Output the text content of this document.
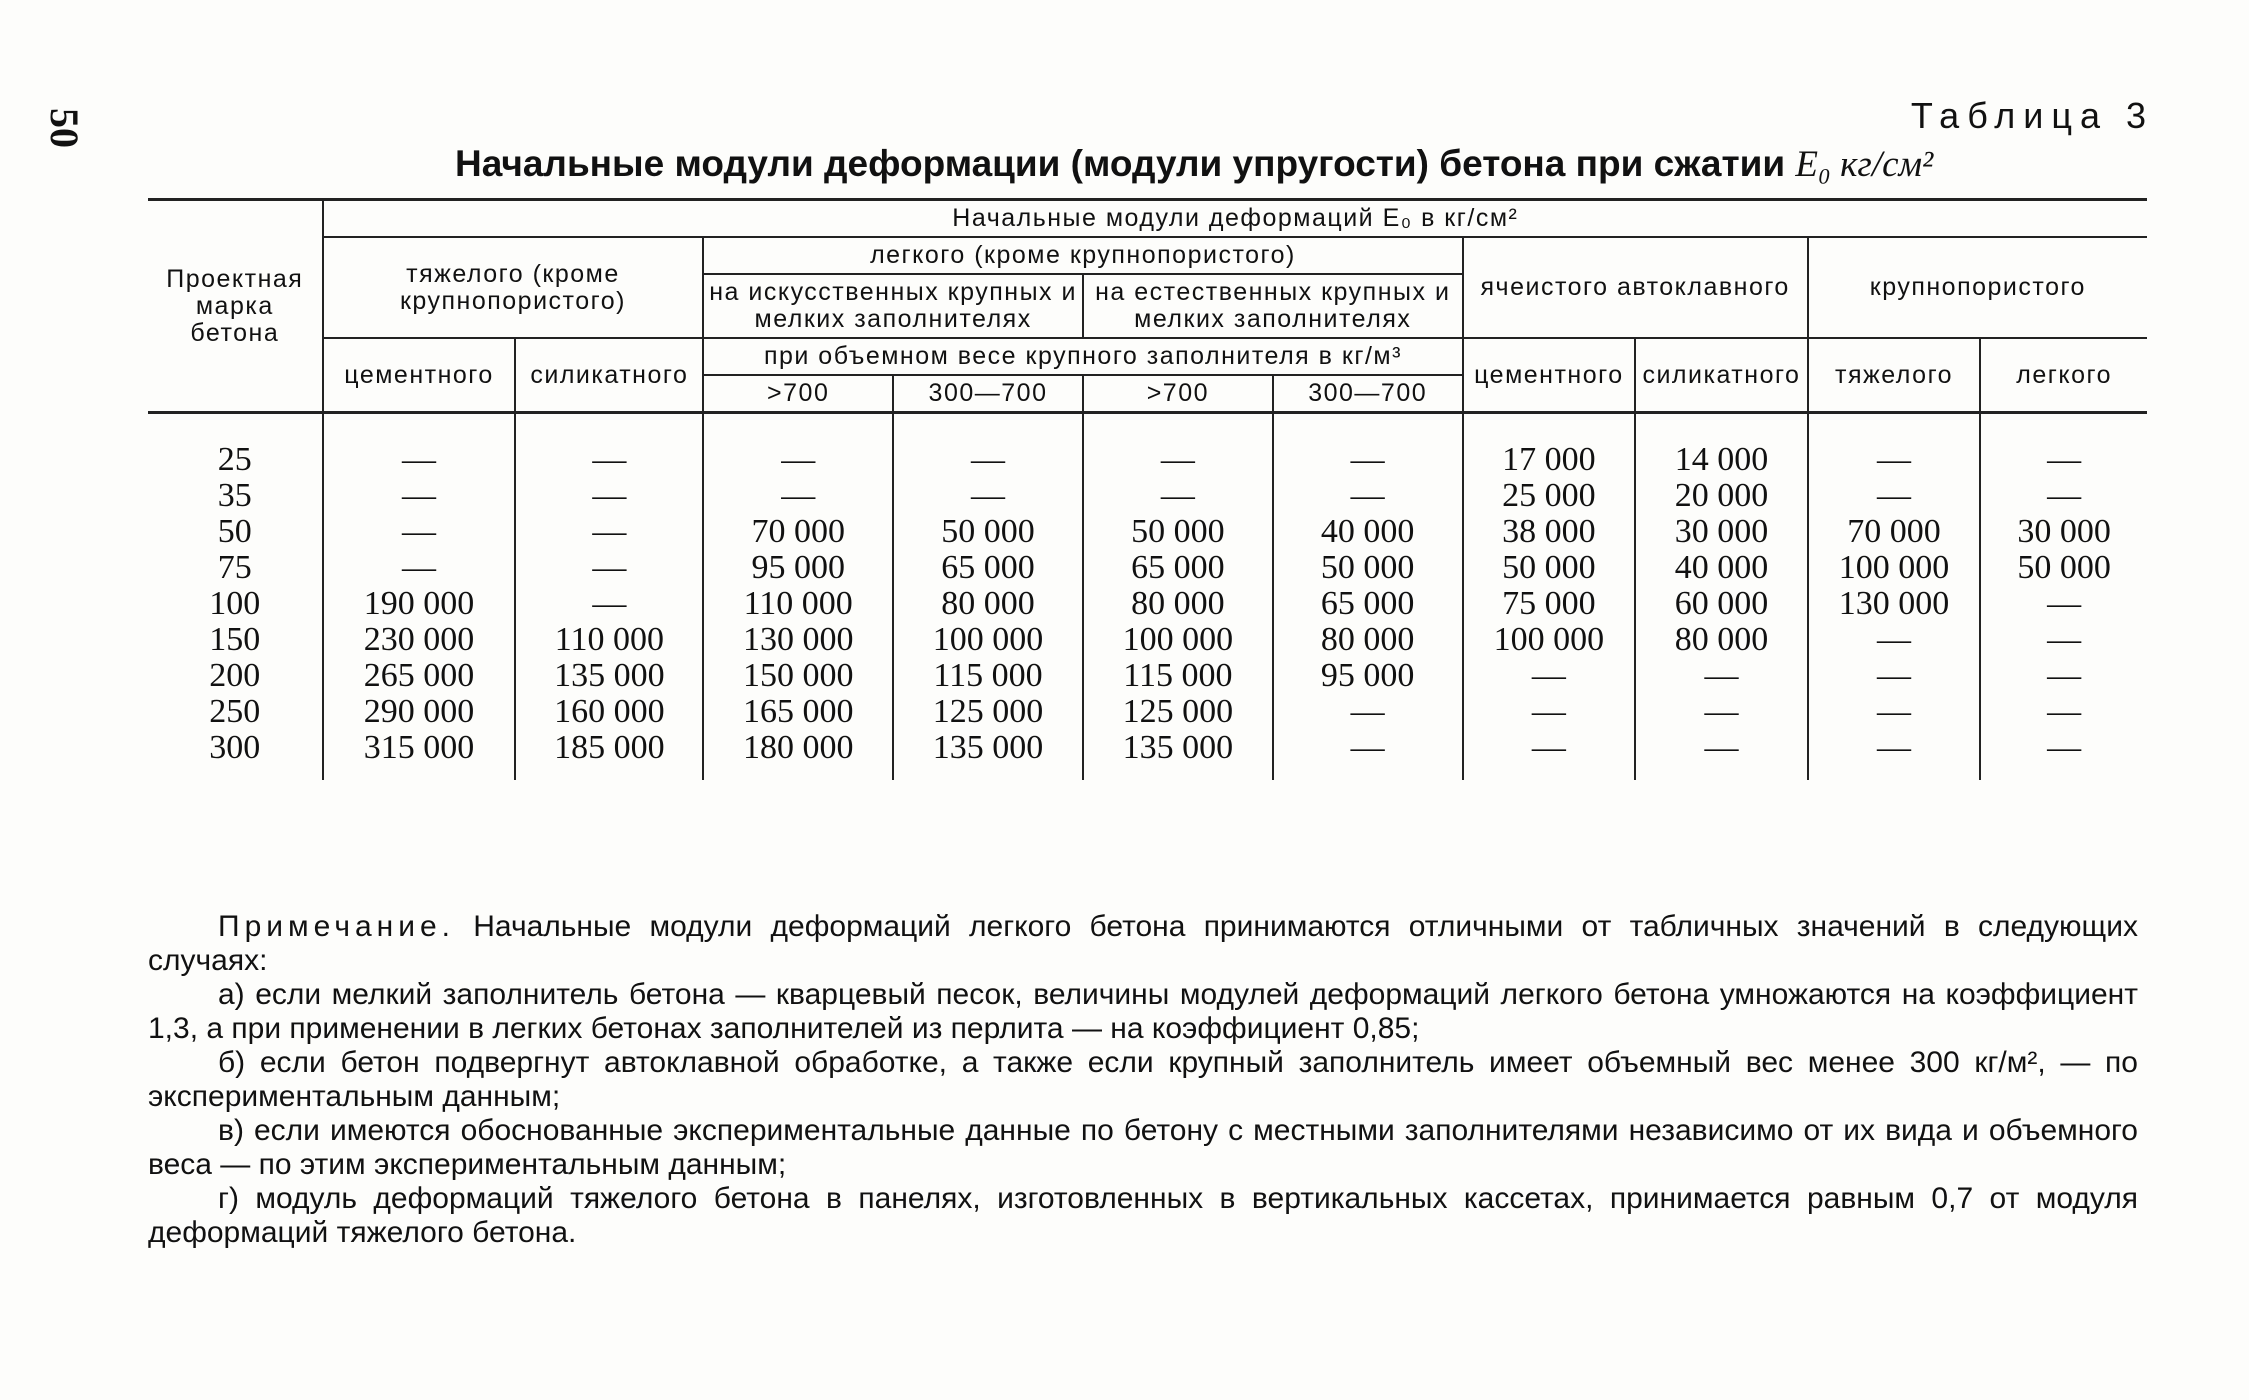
50	Таблица 3
Начальные модули деформации (модули упругости) бетона при сжатии E₀ кг/см²
Проектная марка бетона	Начальные модули деформаций E₀ в кг/см²									
	тяжелого (кроме крупнопористого)		легкого (кроме крупнопористого)				ячеистого автоклавного		крупнопористого	
			на искусственных крупных и мелких заполнителях		на естественных крупных и мелких заполнителях					
	цементного	силикатного	при объемном весе крупного заполнителя в кг/м³				цементного	силикатного	тяжелого	легкого
			>700	300—700	>700	300—700				

25	—	—	—	—	—	—	17 000	14 000	—	—
35	—	—	—	—	—	—	25 000	20 000	—	—
50	—	—	70 000	50 000	50 000	40 000	38 000	30 000	70 000	30 000
75	—	—	95 000	65 000	65 000	50 000	50 000	40 000	100 000	50 000
100	190 000	—	110 000	80 000	80 000	65 000	75 000	60 000	130 000	—
150	230 000	110 000	130 000	100 000	100 000	80 000	100 000	80 000	—	—
200	265 000	135 000	150 000	115 000	115 000	95 000	—	—	—	—
250	290 000	160 000	165 000	125 000	125 000	—	—	—	—	—
300	315 000	185 000	180 000	135 000	135 000	—	—	—	—	—

Примечание. Начальные модули деформаций легкого бетона принимаются отличными от табличных значений в следующих случаях:

а) если мелкий заполнитель бетона — кварцевый песок, величины модулей деформаций легкого бетона умножаются на коэффициент 1,3, а при применении в легких бетонах заполнителей из перлита — на коэффициент 0,85;

б) если бетон подвергнут автоклавной обработке, а также если крупный заполнитель имеет объемный вес менее 300 кг/м², — по экспериментальным данным;

в) если имеются обоснованные экспериментальные данные по бетону с местными заполнителями независимо от их вида и объемного веса — по этим экспериментальным данным;

г) модуль деформаций тяжелого бетона в панелях, изготовленных в вертикальных кассетах, принимается равным 0,7 от модуля деформаций тяжелого бетона.
